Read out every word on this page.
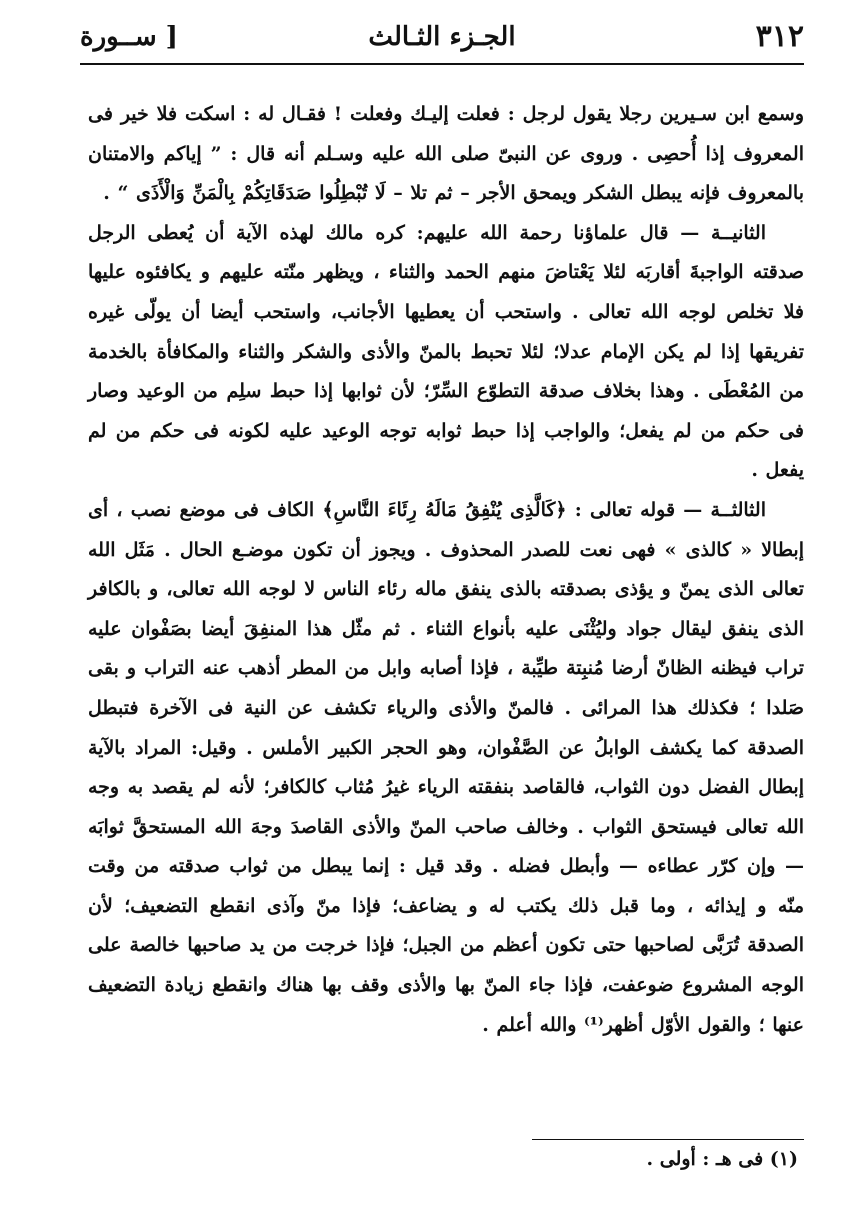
٣١٢
الجـزء الثـالث
[ ســورة

وسمع ابن سـيرين رجلا يقول لرجل : فعلت إليـك وفعلت ! فقـال له : اسكت فلا خير فى المعروف إذا أُحصِى . وروى عن النبىّ صلى الله عليه وسـلم أنه قال : ” إياكم والامتنان بالمعروف فإنه يبطل الشكر ويمحق الأجر – ثم تلا – لَا تُبْطِلُوا صَدَقَاتِكُمْ بِالْمَنِّ وَالْأَذَى “ .

الثانيــة — قال علماؤنا رحمة الله عليهم: كره مالك لهذه الآية أن يُعطى الرجل صدقته الواجبةَ أقاربَه لئلا يَعْتاضَ منهم الحمد والثناء ، ويظهر منّته عليهم و يكافئوه عليها فلا تخلص لوجه الله تعالى . واستحب أن يعطيها الأجانب، واستحب أيضا أن يولّى غيره تفريقها إذا لم يكن الإمام عدلا؛ لئلا تحبط بالمنّ والأذى والشكر والثناء والمكافأة بالخدمة من المُعْطَى . وهذا بخلاف صدقة التطوّع السِّرّ؛ لأن ثوابها إذا حبط سلِم من الوعيد وصار فى حكم من لم يفعل؛ والواجب إذا حبط ثوابه توجه الوعيد عليه لكونه فى حكم من لم يفعل .

الثالثــة — قوله تعالى : ﴿كَالَّذِى يُنْفِقُ مَالَهُ رِئَاءَ النَّاسِ﴾ الكاف فى موضع نصب ، أى إبطالا « كالذى » فهى نعت للصدر المحذوف . ويجوز أن تكون موضـع الحال . مَثَل الله تعالى الذى يمنّ و يؤذى بصدقته بالذى ينفق ماله رئاء الناس لا لوجه الله تعالى، و بالكافر الذى ينفق ليقال جواد وليُثْنَى عليه بأنواع الثناء . ثم مثّل هذا المنفِقَ أيضا بصَفْوان عليه تراب فيظنه الظانّ أرضا مُنبِتة طيِّبة ، فإذا أصابه وابل من المطر أذهب عنه التراب و بقى صَلدا ؛ فكذلك هذا المرائى . فالمنّ والأذى والرياء تكشف عن النية فى الآخرة فتبطل الصدقة كما يكشف الوابلُ عن الصَّفْوان، وهو الحجر الكبير الأملس . وقيل: المراد بالآية إبطال الفضل دون الثواب، فالقاصد بنفقته الرياء غيرُ مُثاب كالكافر؛ لأنه لم يقصد به وجه الله تعالى فيستحق الثواب . وخالف صاحب المنّ والأذى القاصدَ وجهَ الله المستحقَّ ثوابَه — وإن كرّر عطاءه — وأبطل فضله . وقد قيل : إنما يبطل من ثواب صدقته من وقت منّه و إيذائه ، وما قبل ذلك يكتب له و يضاعف؛ فإذا منّ وآذى انقطع التضعيف؛ لأن الصدقة تُرَبَّى لصاحبها حتى تكون أعظم من الجبل؛ فإذا خرجت من يد صاحبها خالصة على الوجه المشروع ضوعفت، فإذا جاء المنّ بها والأذى وقف بها هناك وانقطع زيادة التضعيف عنها ؛ والقول الأوّل أظهر⁽¹⁾ والله أعلم .

(١) فى هـ : أولى .
